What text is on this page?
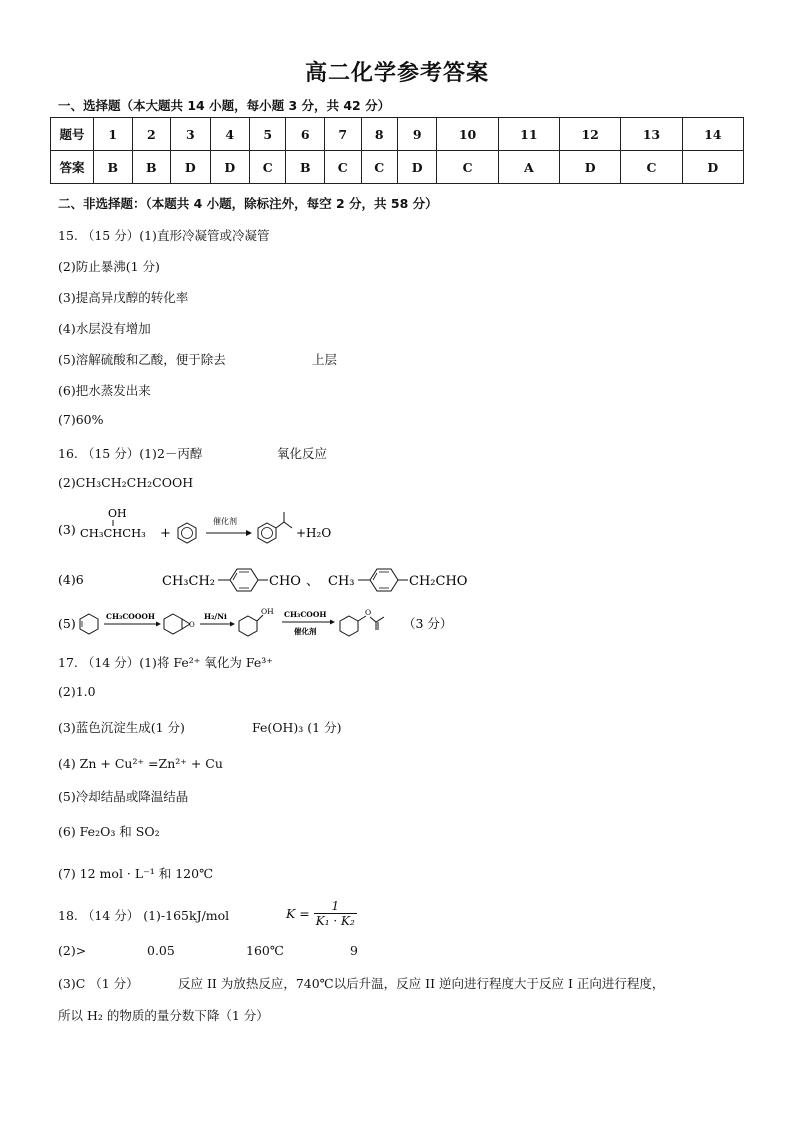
高二化学参考答案
一、选择题（本大题共 14 小题，每小题 3 分，共 42 分）
题号	1	2	3	4	5	6	7	8	9	10	11	12	13	14
答案	B	B	D	D	C	B	C	C	D	C	A	D	C	D
二、非选择题：（本题共 4 小题，除标注外，每空 2 分，共 58 分）
15. （15 分）(1)直形冷凝管或冷凝管
(2)防止暴沸(1 分)
(3)提高异戊醇的转化率
(4)水层没有增加
(5)溶解硫酸和乙酸，便于除去	上层
(6)把水蒸发出来
(7)60%
16. （15 分）(1)2－丙醇	氧化反应
(2)CH₃CH₂CH₂COOH
(3)
OH
CH₃CHCH₃ +
催化剂
+H₂O
(4)6	CH₃CH₂	CHO 、 CH₃	CH₂CHO
(5)	CH₃COOOH
O
H₂/Ni
OH CH₃COOH
催化剂
O
（3 分）
17. （14 分）(1)将 Fe²⁺ 氧化为 Fe³⁺
(2)1.0
(3)蓝色沉淀生成(1 分)	Fe(OH)₃ (1 分)
(4) Zn + Cu²⁺ =Zn²⁺ + Cu
(5)冷却结晶或降温结晶
(6) Fe₂O₃ 和 SO₂
(7) 12 mol · L⁻¹ 和 120℃
18. （14 分） (1)-165kJ/mol	$K = \frac{1}{\text{K₁ · K₂}}$
(2)>	0.05	160℃	9
(3)C （1 分）	反应 II 为放热反应，740℃以后升温，反应 II 逆向进行程度大于反应 I 正向进行程度，
所以 H₂ 的物质的量分数下降（1 分）
